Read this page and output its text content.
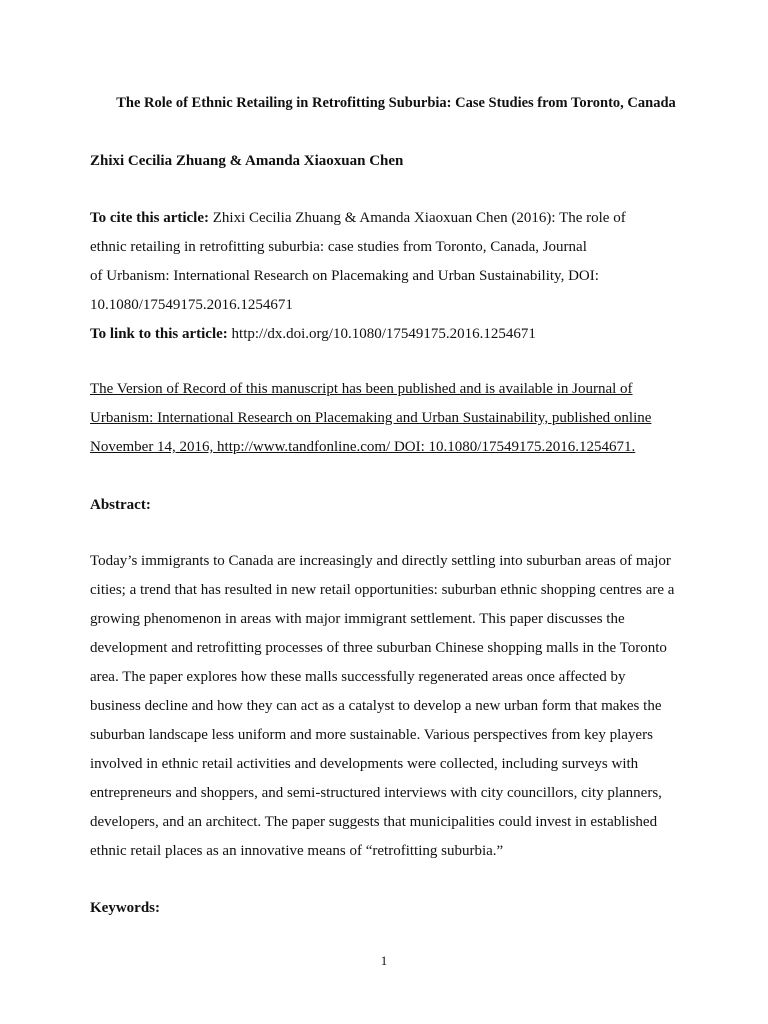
The Role of Ethnic Retailing in Retrofitting Suburbia: Case Studies from Toronto, Canada
Zhixi Cecilia Zhuang & Amanda Xiaoxuan Chen
To cite this article: Zhixi Cecilia Zhuang & Amanda Xiaoxuan Chen (2016): The role of
ethnic retailing in retrofitting suburbia: case studies from Toronto, Canada, Journal
of Urbanism: International Research on Placemaking and Urban Sustainability, DOI:
10.1080/17549175.2016.1254671
To link to this article: http://dx.doi.org/10.1080/17549175.2016.1254671
The Version of Record of this manuscript has been published and is available in Journal of
Urbanism: International Research on Placemaking and Urban Sustainability, published online
November 14, 2016, http://www.tandfonline.com/ DOI: 10.1080/17549175.2016.1254671.
Abstract:
Today’s immigrants to Canada are increasingly and directly settling into suburban areas of major
cities; a trend that has resulted in new retail opportunities: suburban ethnic shopping centres are a
growing phenomenon in areas with major immigrant settlement. This paper discusses the
development and retrofitting processes of three suburban Chinese shopping malls in the Toronto
area. The paper explores how these malls successfully regenerated areas once affected by
business decline and how they can act as a catalyst to develop a new urban form that makes the
suburban landscape less uniform and more sustainable. Various perspectives from key players
involved in ethnic retail activities and developments were collected, including surveys with
entrepreneurs and shoppers, and semi-structured interviews with city councillors, city planners,
developers, and an architect. The paper suggests that municipalities could invest in established
ethnic retail places as an innovative means of “retrofitting suburbia.”
Keywords:
1
